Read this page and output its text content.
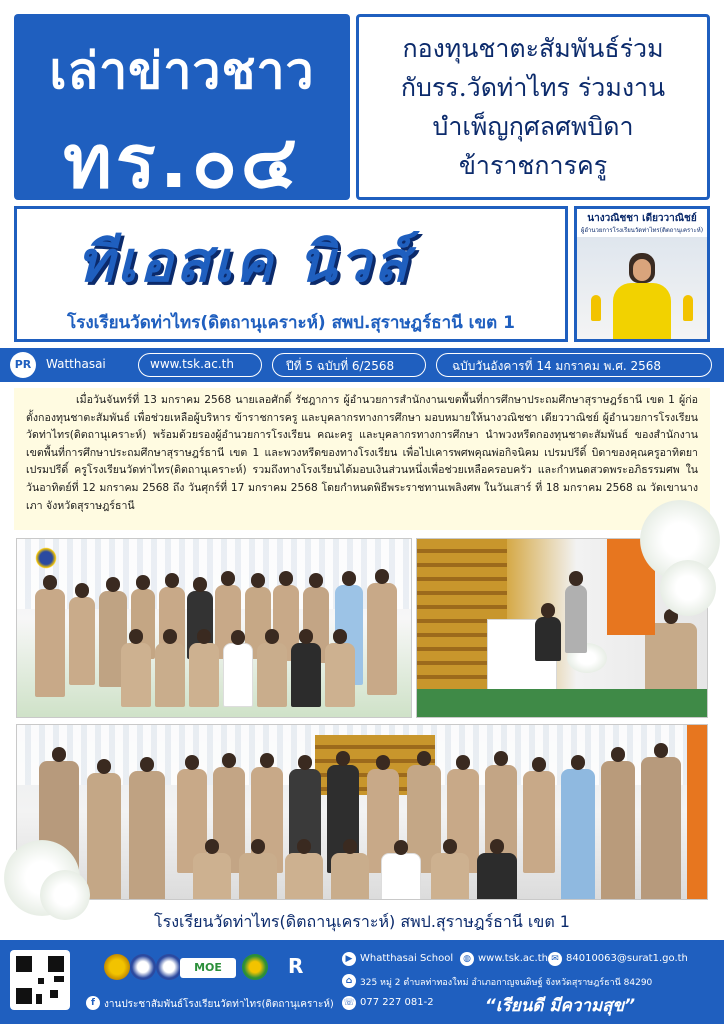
เล่าข่าวชาว
ทร.๐๔
กองทุนชาตะสัมพันธ์ร่วม
กับรร.วัดท่าไทร ร่วมงาน
บำเพ็ญกุศลศพบิดา
ข้าราชการครู
ทีเอสเค นิวส์
โรงเรียนวัดท่าไทร(ดิตถานุเคราะห์) สพป.สุราษฎร์ธานี เขต 1
นางวณิชชา เดียววาณิชย์
ผู้อำนวยการโรงเรียนวัดท่าไทร(ดิตถานุเคราะห์)
PR	Watthasai	www.tsk.ac.th	ปีที่ 5 ฉบับที่ 6/2568	ฉบับวันอังคารที่ 14 มกราคม พ.ศ. 2568

เมื่อวันจันทร์ที่ 13 มกราคม 2568 นายเลอศักดิ์ รัชฎาการ ผู้อำนวยการสำนักงานเขตพื้นที่การศึกษาประถมศึกษาสุราษฎร์ธานี เขต 1 ผู้ก่อตั้งกองทุนชาตะสัมพันธ์ เพื่อช่วยเหลือผู้บริหาร ข้าราชการครู และบุคลากรทางการศึกษา มอบหมายให้นางวณิชชา เดียววาณิชย์ ผู้อำนวยการโรงเรียนวัดท่าไทร(ดิตถานุเคราะห์) พร้อมด้วยรองผู้อำนวยการโรงเรียน คณะครู และบุคลากรทางการศึกษา นำพวงหรีดกองทุนชาตะสัมพันธ์ ของสำนักงานเขตพื้นที่การศึกษาประถมศึกษาสุราษฎร์ธานี เขต 1 และพวงหรีดของทางโรงเรียน เพื่อไปเคารพศพคุณพ่อกิจนิคม เปรมปรีดิ์ บิดาของคุณครูอาทิตยา เปรมปรีดิ์ ครูโรงเรียนวัดท่าไทร(ดิตถานุเคราะห์) รวมถึงทางโรงเรียนได้มอบเงินส่วนหนึ่งเพื่อช่วยเหลือครอบครัว และกำหนดสวดพระอภิธรรมศพ ในวันอาทิตย์ที่ 12 มกราคม 2568 ถึง วันศุกร์ที่ 17 มกราคม 2568 โดยกำหนดพิธีพระราชทานเพลิงศพ ในวันเสาร์ ที่ 18 มกราคม 2568 ณ วัดเขานางเภา จังหวัดสุราษฎร์ธานี

โรงเรียนวัดท่าไทร(ดิตถานุเคราะห์) สพป.สุราษฎร์ธานี เขต 1
MOE	R
f งานประชาสัมพันธ์โรงเรียนวัดท่าไทร(ดิตถานุเคราะห์)
▶ Whatthasai School	◍ www.tsk.ac.th ✉ 84010063@surat1.go.th
⌂ 325 หมู่ 2 ตำบลท่าทองใหม่ อำเภอกาญจนดิษฐ์ จังหวัดสุราษฎร์ธานี 84290
☏ 077 227 081-2	“เรียนดี มีความสุข”
